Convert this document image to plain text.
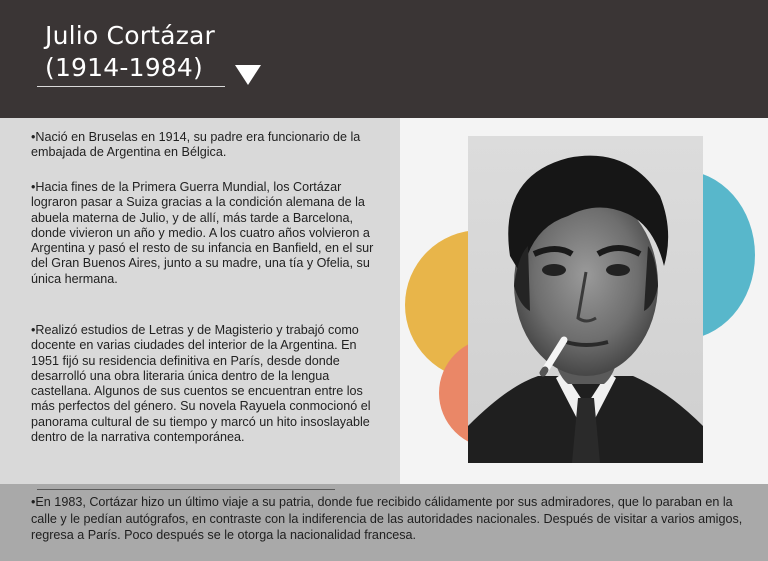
Julio Cortázar
(1914-1984)
•Nació en Bruselas en 1914, su padre era funcionario de la embajada de Argentina en Bélgica.
•Hacia fines de la Primera Guerra Mundial, los Cortázar lograron pasar a Suiza gracias a la condición alemana de la abuela materna de Julio, y de allí, más tarde a Barcelona, donde vivieron un año y medio. A los cuatro años volvieron a Argentina y pasó el resto de su infancia en Banfield, en el sur del Gran Buenos Aires, junto a su madre, una tía y Ofelia, su única hermana.
•Realizó estudios de Letras y de Magisterio y trabajó como docente en varias ciudades del interior de la Argentina. En 1951 fijó su residencia definitiva en París, desde donde desarrolló una obra literaria única dentro de la lengua castellana. Algunos de sus cuentos se encuentran entre los más perfectos del género. Su novela Rayuela conmocionó el panorama cultural de su tiempo y marcó un hito insoslayable dentro de la narrativa contemporánea.
•En 1983, Cortázar hizo un último viaje a su patria, donde fue recibido cálidamente por sus admiradores, que lo paraban en la calle y le pedían autógrafos, en contraste con la indiferencia de las autoridades nacionales. Después de visitar a varios amigos, regresa a París. Poco después se le otorga la nacionalidad francesa.
